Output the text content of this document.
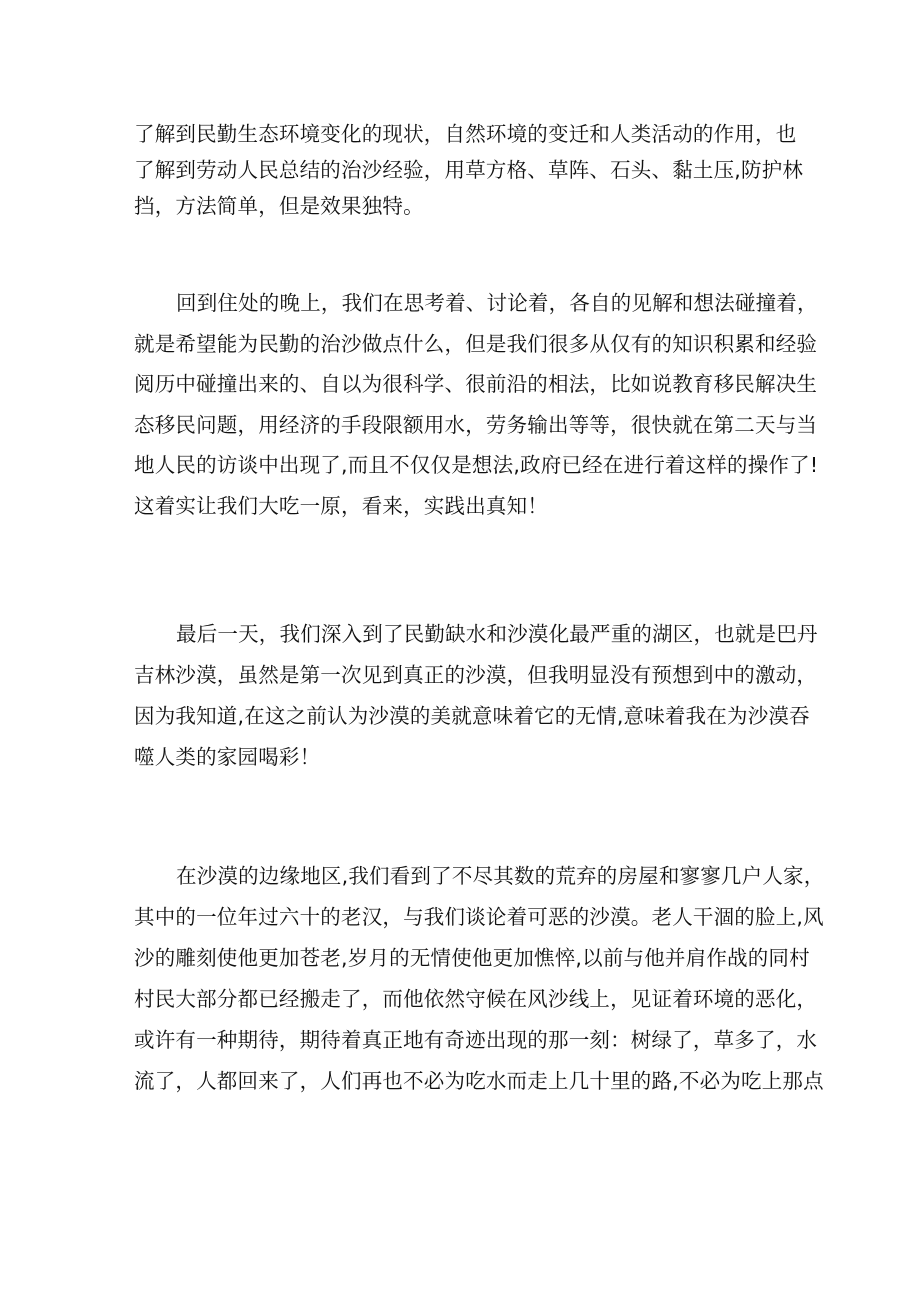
了解到民勤生态环境变化的现状，自然环境的变迁和人类活动的作用，也
了解到劳动人民总结的治沙经验，用草方格、草阵、石头、黏土压,防护林
挡，方法简单，但是效果独特。
回到住处的晚上，我们在思考着、讨论着，各自的见解和想法碰撞着，
就是希望能为民勤的治沙做点什么，但是我们很多从仅有的知识积累和经验
阅历中碰撞出来的、自以为很科学、很前沿的相法，比如说教育移民解决生
态移民问题，用经济的手段限额用水，劳务输出等等，很快就在第二天与当
地人民的访谈中出现了,而且不仅仅是想法,政府已经在进行着这样的操作了!
这着实让我们大吃一原，看来，实践出真知！
最后一天，我们深入到了民勤缺水和沙漠化最严重的湖区，也就是巴丹
吉林沙漠，虽然是第一次见到真正的沙漠，但我明显没有预想到中的激动，
因为我知道,在这之前认为沙漠的美就意味着它的无情,意味着我在为沙漠吞
噬人类的家园喝彩！
在沙漠的边缘地区,我们看到了不尽其数的荒弃的房屋和寥寥几户人家，
其中的一位年过六十的老汉，与我们谈论着可恶的沙漠。老人干涸的脸上,风
沙的雕刻使他更加苍老,岁月的无情使他更加憔悴,以前与他并肩作战的同村
村民大部分都已经搬走了，而他依然守候在风沙线上，见证着环境的恶化，
或许有一种期待，期待着真正地有奇迹出现的那一刻：树绿了，草多了，水
流了，人都回来了，人们再也不必为吃水而走上几十里的路,不必为吃上那点
